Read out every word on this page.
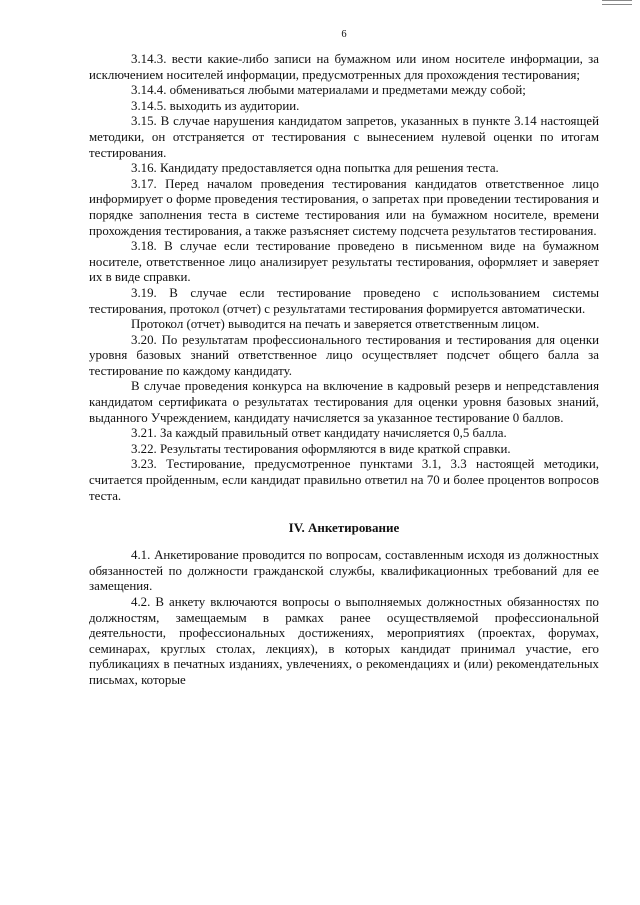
6

3.14.3. вести какие-либо записи на бумажном или ином носителе информации, за исключением носителей информации, предусмотренных для прохождения тестирования;

3.14.4. обмениваться любыми материалами и предметами между собой;

3.14.5. выходить из аудитории.

3.15. В случае нарушения кандидатом запретов, указанных в пункте 3.14 настоящей методики, он отстраняется от тестирования с вынесением нулевой оценки по итогам тестирования.

3.16. Кандидату предоставляется одна попытка для решения теста.

3.17. Перед началом проведения тестирования кандидатов ответственное лицо информирует о форме проведения тестирования, о запретах при проведении тестирования и порядке заполнения теста в системе тестирования или на бумажном носителе, времени прохождения тестирования, а также разъясняет систему подсчета результатов тестирования.

3.18. В случае если тестирование проведено в письменном виде на бумажном носителе, ответственное лицо анализирует результаты тестирования, оформляет и заверяет их в виде справки.

3.19. В случае если тестирование проведено с использованием системы тестирования, протокол (отчет) с результатами тестирования формируется автоматически.

Протокол (отчет) выводится на печать и заверяется ответственным лицом.

3.20. По результатам профессионального тестирования и тестирования для оценки уровня базовых знаний ответственное лицо осуществляет подсчет общего балла за тестирование по каждому кандидату.

В случае проведения конкурса на включение в кадровый резерв и непредставления кандидатом сертификата о результатах тестирования для оценки уровня базовых знаний, выданного Учреждением, кандидату начисляется за указанное тестирование 0 баллов.

3.21. За каждый правильный ответ кандидату начисляется 0,5 балла.

3.22. Результаты тестирования оформляются в виде краткой справки.

3.23. Тестирование, предусмотренное пунктами 3.1, 3.3 настоящей методики, считается пройденным, если кандидат правильно ответил на 70 и более процентов вопросов теста.

IV. Анкетирование

4.1. Анкетирование проводится по вопросам, составленным исходя из должностных обязанностей по должности гражданской службы, квалификационных требований для ее замещения.

4.2. В анкету включаются вопросы о выполняемых должностных обязанностях по должностям, замещаемым в рамках ранее осуществляемой профессиональной деятельности, профессиональных достижениях, мероприятиях (проектах, форумах, семинарах, круглых столах, лекциях), в которых кандидат принимал участие, его публикациях в печатных изданиях, увлечениях, о рекомендациях и (или) рекомендательных письмах, которые
